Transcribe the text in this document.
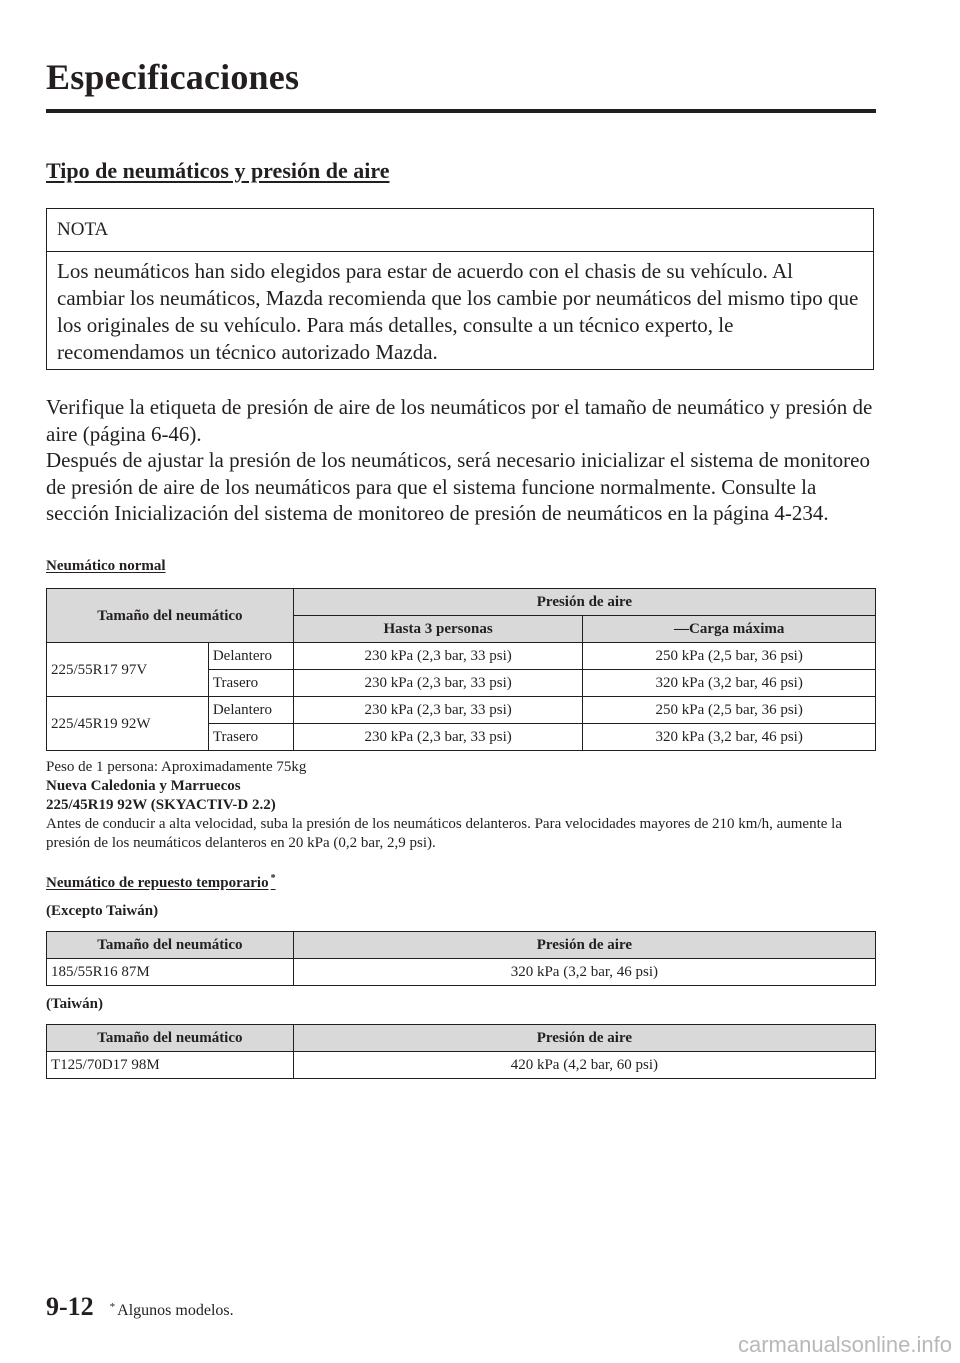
Especificaciones
Tipo de neumáticos y presión de aire
NOTA
Los neumáticos han sido elegidos para estar de acuerdo con el chasis de su vehículo. Al cambiar los neumáticos, Mazda recomienda que los cambie por neumáticos del mismo tipo que los originales de su vehículo. Para más detalles, consulte a un técnico experto, le recomendamos un técnico autorizado Mazda.

Verifique la etiqueta de presión de aire de los neumáticos por el tamaño de neumático y presión de aire (página 6-46).

Después de ajustar la presión de los neumáticos, será necesario inicializar el sistema de monitoreo de presión de aire de los neumáticos para que el sistema funcione normalmente. Consulte la sección Inicialización del sistema de monitoreo de presión de neumáticos en la página 4-234.

Neumático normal
Tamaño del neumático		Presión de aire	
		Hasta 3 personas	—Carga máxima
225/55R17 97V	Delantero	230 kPa (2,3 bar, 33 psi)	250 kPa (2,5 bar, 36 psi)
	Trasero	230 kPa (2,3 bar, 33 psi)	320 kPa (3,2 bar, 46 psi)
225/45R19 92W	Delantero	230 kPa (2,3 bar, 33 psi)	250 kPa (2,5 bar, 36 psi)
	Trasero	230 kPa (2,3 bar, 33 psi)	320 kPa (3,2 bar, 46 psi)

Peso de 1 persona: Aproximadamente 75kg

Nueva Caledonia y Marruecos

225/45R19 92W (SKYACTIV-D 2.2)

Antes de conducir a alta velocidad, suba la presión de los neumáticos delanteros. Para velocidades mayores de 210 km/h, aumente la presión de los neumáticos delanteros en 20 kPa (0,2 bar, 2,9 psi).

Neumático de repuesto temporario *
(Excepto Taiwán)
Tamaño del neumático	Presión de aire
185/55R16 87M	320 kPa (3,2 bar, 46 psi)
(Taiwán)
Tamaño del neumático	Presión de aire
T125/70D17 98M	420 kPa (4,2 bar, 60 psi)
9-12 * Algunos modelos.
carmanualsonline.info
